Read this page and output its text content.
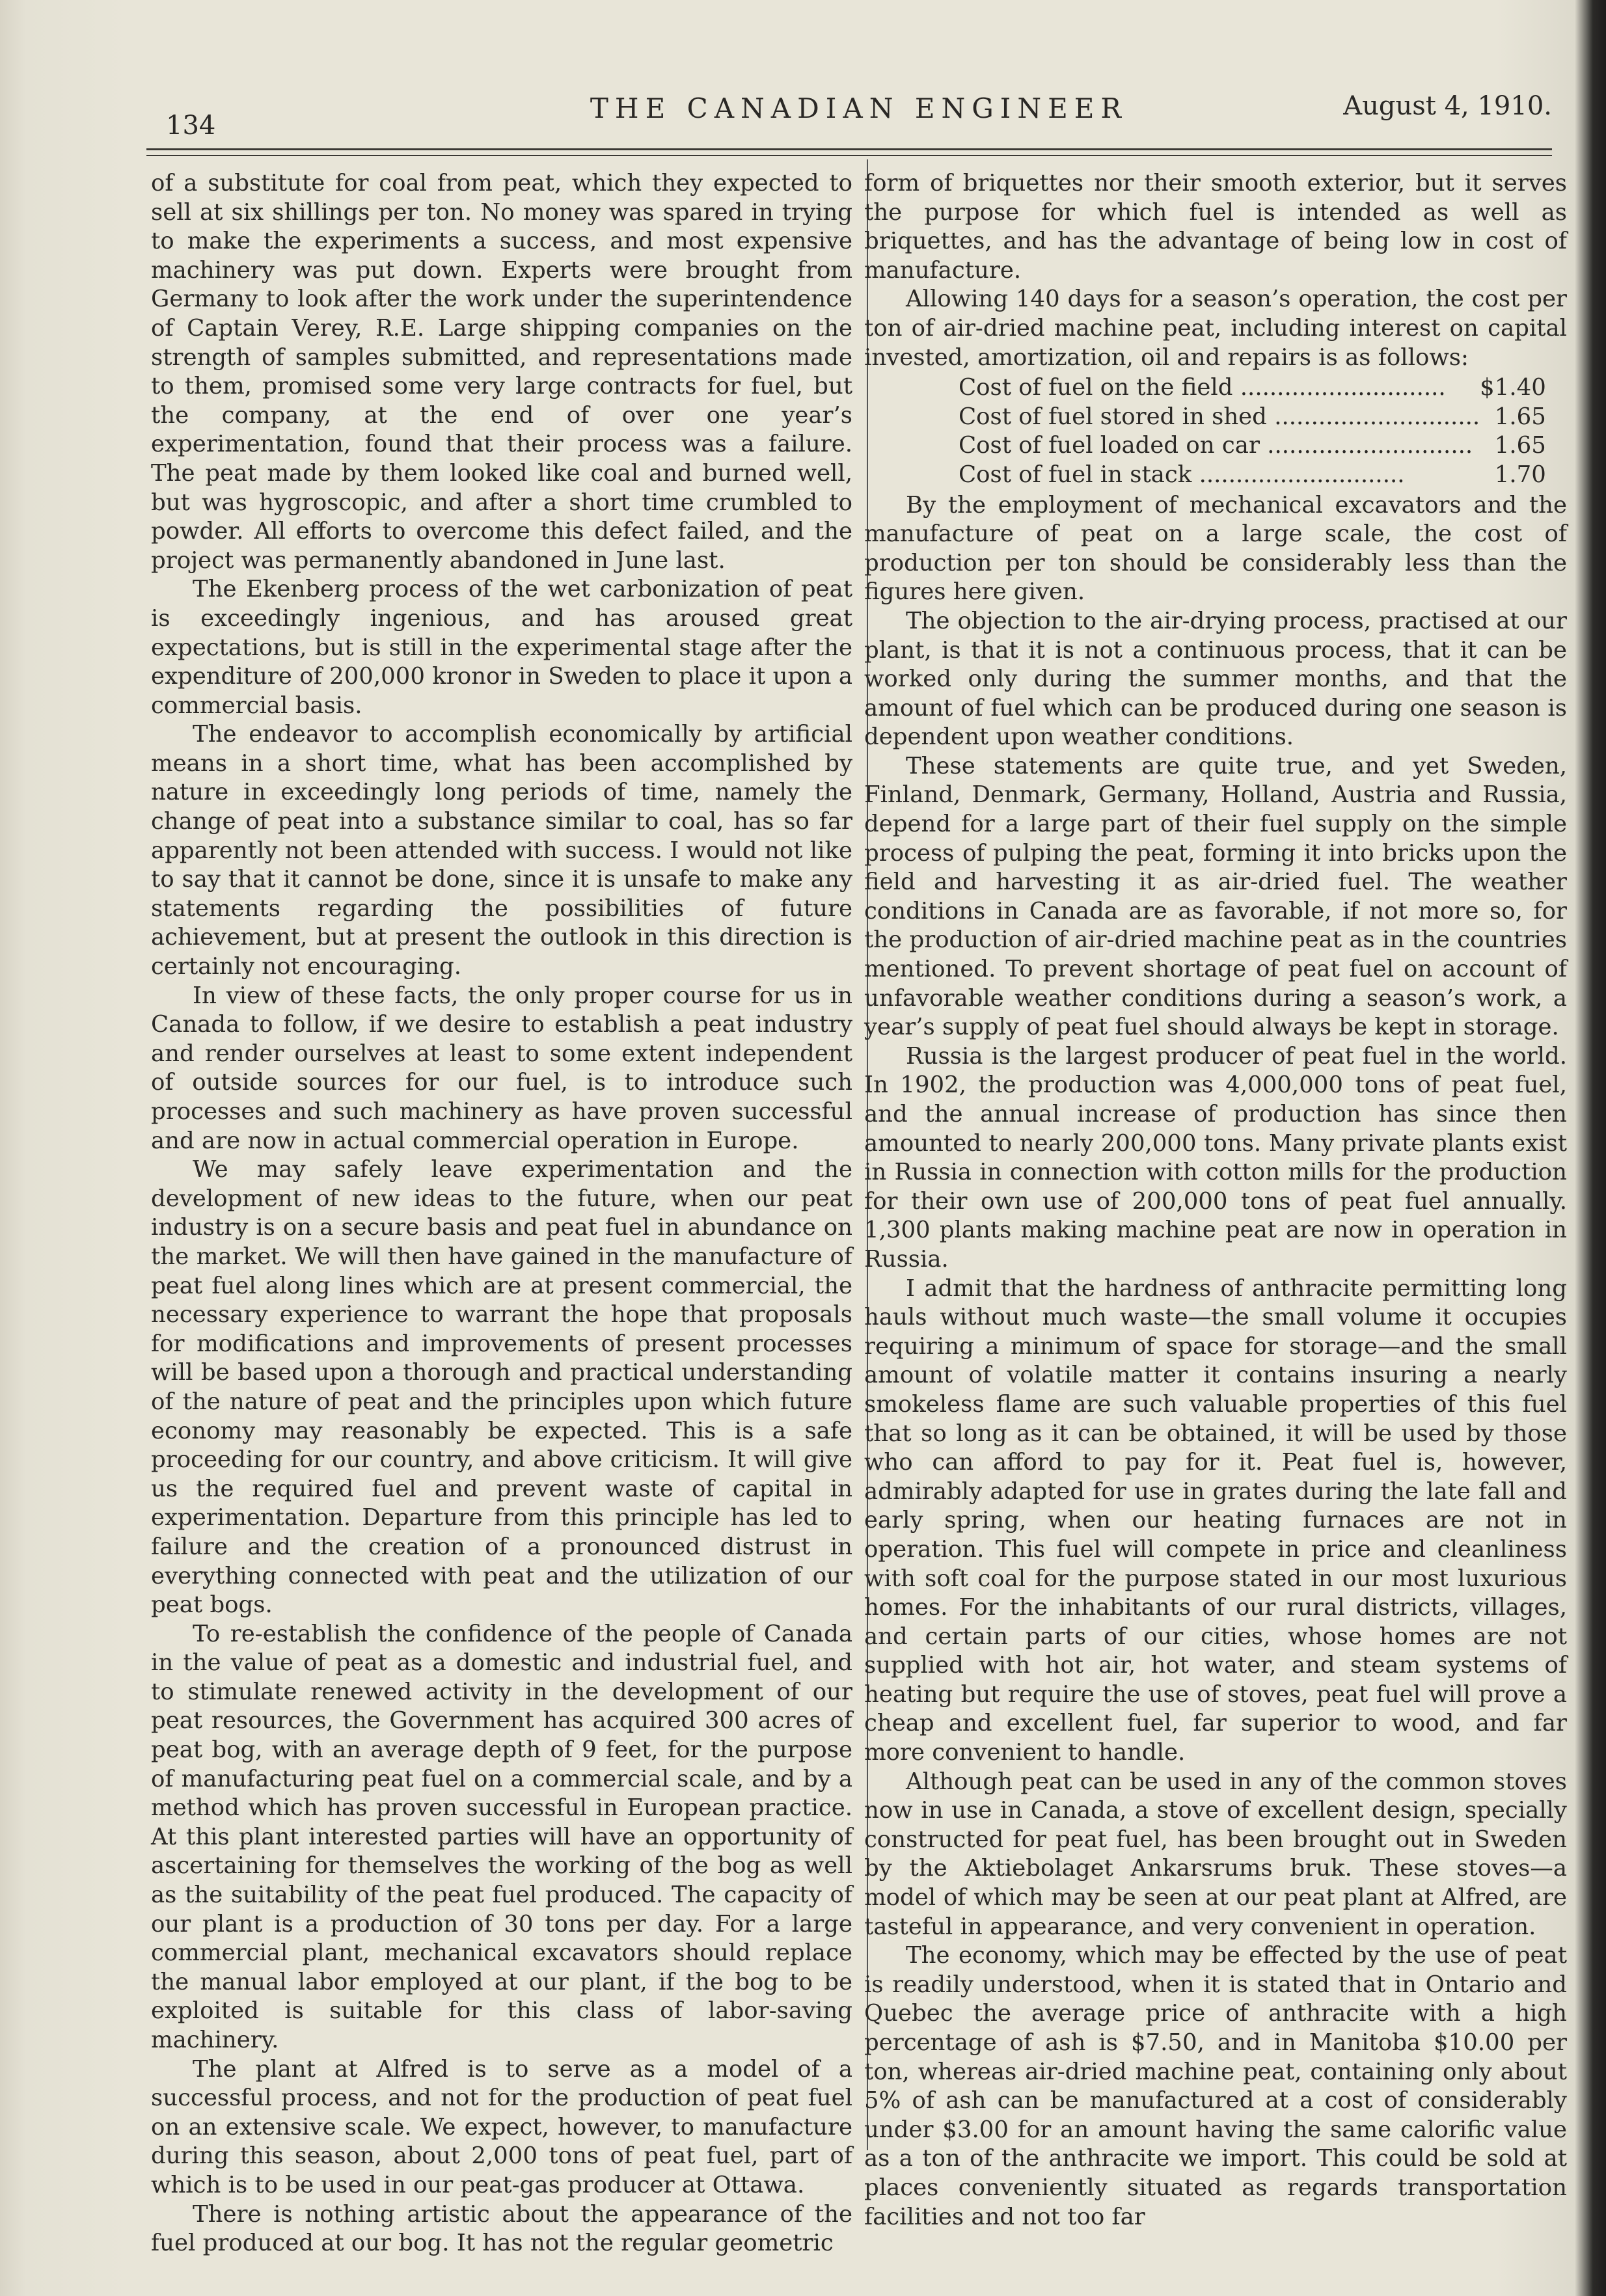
134
THE CANADIAN ENGINEER	August 4, 1910.

of a substitute for coal from peat, which they expected to sell at six shillings per ton. No money was spared in trying to make the experiments a success, and most expensive machinery was put down. Experts were brought from Germany to look after the work under the superintendence of Captain Verey, R.E. Large shipping companies on the strength of samples submitted, and representations made to them, promised some very large contracts for fuel, but the company, at the end of over one year’s experimentation, found that their process was a failure. The peat made by them looked like coal and burned well, but was hygroscopic, and after a short time crumbled to powder. All efforts to overcome this defect failed, and the project was permanently abandoned in June last.

The Ekenberg process of the wet carbonization of peat is exceedingly ingenious, and has aroused great expectations, but is still in the experimental stage after the expenditure of 200,000 kronor in Sweden to place it upon a commercial basis.

The endeavor to accomplish economically by artificial means in a short time, what has been accomplished by nature in exceedingly long periods of time, namely the change of peat into a substance similar to coal, has so far apparently not been attended with success. I would not like to say that it cannot be done, since it is unsafe to make any statements regarding the possibilities of future achievement, but at present the outlook in this direction is certainly not encouraging.

In view of these facts, the only proper course for us in Canada to follow, if we desire to establish a peat industry and render ourselves at least to some extent independent of outside sources for our fuel, is to introduce such processes and such machinery as have proven successful and are now in actual commercial operation in Europe.

We may safely leave experimentation and the development of new ideas to the future, when our peat industry is on a secure basis and peat fuel in abundance on the market. We will then have gained in the manufacture of peat fuel along lines which are at present commercial, the necessary experience to warrant the hope that proposals for modifications and improvements of present processes will be based upon a thorough and practical understanding of the nature of peat and the principles upon which future economy may reasonably be expected. This is a safe proceeding for our country, and above criticism. It will give us the required fuel and prevent waste of capital in experimentation. Departure from this principle has led to failure and the creation of a pronounced distrust in everything connected with peat and the utilization of our peat bogs.

To re-establish the confidence of the people of Canada in the value of peat as a domestic and industrial fuel, and to stimulate renewed activity in the development of our peat resources, the Government has acquired 300 acres of peat bog, with an average depth of 9 feet, for the purpose of manufacturing peat fuel on a commercial scale, and by a method which has proven successful in European practice. At this plant interested parties will have an opportunity of ascertaining for themselves the working of the bog as well as the suitability of the peat fuel produced. The capacity of our plant is a production of 30 tons per day. For a large commercial plant, mechanical excavators should replace the manual labor employed at our plant, if the bog to be exploited is suitable for this class of labor-saving machinery.

The plant at Alfred is to serve as a model of a successful process, and not for the production of peat fuel on an extensive scale. We expect, however, to manufacture during this season, about 2,000 tons of peat fuel, part of which is to be used in our peat-gas producer at Ottawa.

There is nothing artistic about the appearance of the fuel produced at our bog. It has not the regular geometric

form of briquettes nor their smooth exterior, but it serves the purpose for which fuel is intended as well as briquettes, and has the advantage of being low in cost of manufacture.

Allowing 140 days for a season’s operation, the cost per ton of air-dried machine peat, including interest on capital invested, amortization, oil and repairs is as follows:

Cost of fuel on the field ............................	$1.40
Cost of fuel stored in shed ............................	1.65
Cost of fuel loaded on car ............................	1.65
Cost of fuel in stack ............................	1.70

By the employment of mechanical excavators and the manufacture of peat on a large scale, the cost of production per ton should be considerably less than the figures here given.

The objection to the air-drying process, practised at our plant, is that it is not a continuous process, that it can be worked only during the summer months, and that the amount of fuel which can be produced during one season is dependent upon weather conditions.

These statements are quite true, and yet Sweden, Finland, Denmark, Germany, Holland, Austria and Russia, depend for a large part of their fuel supply on the simple process of pulping the peat, forming it into bricks upon the field and harvesting it as air-dried fuel. The weather conditions in Canada are as favorable, if not more so, for the production of air-dried machine peat as in the countries mentioned. To prevent shortage of peat fuel on account of unfavorable weather conditions during a season’s work, a year’s supply of peat fuel should always be kept in storage.

Russia is the largest producer of peat fuel in the world. In 1902, the production was 4,000,000 tons of peat fuel, and the annual increase of production has since then amounted to nearly 200,000 tons. Many private plants exist in Russia in connection with cotton mills for the production for their own use of 200,000 tons of peat fuel annually. 1,300 plants making machine peat are now in operation in Russia.

I admit that the hardness of anthracite permitting long hauls without much waste—the small volume it occupies requiring a minimum of space for storage—and the small amount of volatile matter it contains insuring a nearly smokeless flame are such valuable properties of this fuel that so long as it can be obtained, it will be used by those who can afford to pay for it. Peat fuel is, however, admirably adapted for use in grates during the late fall and early spring, when our heating furnaces are not in operation. This fuel will compete in price and cleanliness with soft coal for the purpose stated in our most luxurious homes. For the inhabitants of our rural districts, villages, and certain parts of our cities, whose homes are not supplied with hot air, hot water, and steam systems of heating but require the use of stoves, peat fuel will prove a cheap and excellent fuel, far superior to wood, and far more convenient to handle.

Although peat can be used in any of the common stoves now in use in Canada, a stove of excellent design, specially constructed for peat fuel, has been brought out in Sweden by the Aktiebolaget Ankarsrums bruk. These stoves—a model of which may be seen at our peat plant at Alfred, are tasteful in appearance, and very convenient in operation.

The economy, which may be effected by the use of peat is readily understood, when it is stated that in Ontario and Quebec the average price of anthracite with a high percentage of ash is $7.50, and in Manitoba $10.00 per ton, whereas air-dried machine peat, containing only about 5% of ash can be manufactured at a cost of considerably under $3.00 for an amount having the same calorific value as a ton of the anthracite we import. This could be sold at places conveniently situated as regards transportation facilities and not too far
